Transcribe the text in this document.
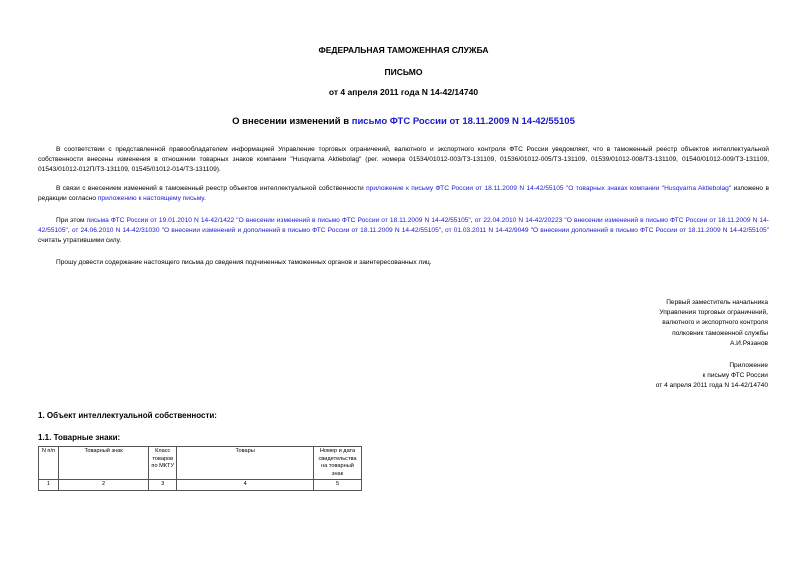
ФЕДЕРАЛЬНАЯ ТАМОЖЕННАЯ СЛУЖБА
ПИСЬМО
от 4 апреля 2011 года N 14-42/14740
О внесении изменений в письмо ФТС России от 18.11.2009 N 14-42/55105
В соответствии с представленной правообладателем информацией Управление торговых ограничений, валютного и экспортного контроля ФТС России уведомляет, что в таможенный реестр объектов интеллектуальной собственности внесены изменения в отношении товарных знаков компании "Husqvarna Aktiebolag" (рег. номера 01534/01012-003/ТЗ-131109, 01536/01012-005/ТЗ-131109, 01539/01012-008/ТЗ-131109, 01540/01012-009/ТЗ-131109, 01543/01012-012П/ТЗ-131109, 01545/01012-014/ТЗ-131109).
В связи с внесением изменений в таможенный реестр объектов интеллектуальной собственности приложение к письму ФТС России от 18.11.2009 N 14-42/55105 "О товарных знаках компании "Husqvarna Aktiebolag" изложено в редакции согласно приложению к настоящему письму.
При этом письма ФТС России от 19.01.2010 N 14-42/1422 "О внесении изменений в письмо ФТС России от 18.11.2009 N 14-42/55105", от 22.04.2010 N 14-42/20223 "О внесении изменений в письмо ФТС России от 18.11.2009 N 14-42/55105", от 24.06.2010 N 14-42/31030 "О внесении изменений и дополнений в письмо ФТС России от 18.11.2009 N 14-42/55105", от 01.03.2011 N 14-42/9049 "О внесении дополнений в письмо ФТС России от 18.11.2009 N 14-42/55105" считать утратившими силу.
Прошу довести содержание настоящего письма до сведения подчиненных таможенных органов и заинтересованных лиц.
Первый заместитель начальника
Управления торговых ограничений,
валютного и экспортного контроля
полковник таможенной службы
А.И.Рязанов
Приложение
к письму ФТС России
от 4 апреля 2011 года N 14-42/14740
1. Объект интеллектуальной собственности:
1.1. Товарные знаки:
N п/п	Товарный знак	Класс товаров по МКТУ	Товары	Номер и дата свидетельства на товарный знак
1	2	3	4	5
